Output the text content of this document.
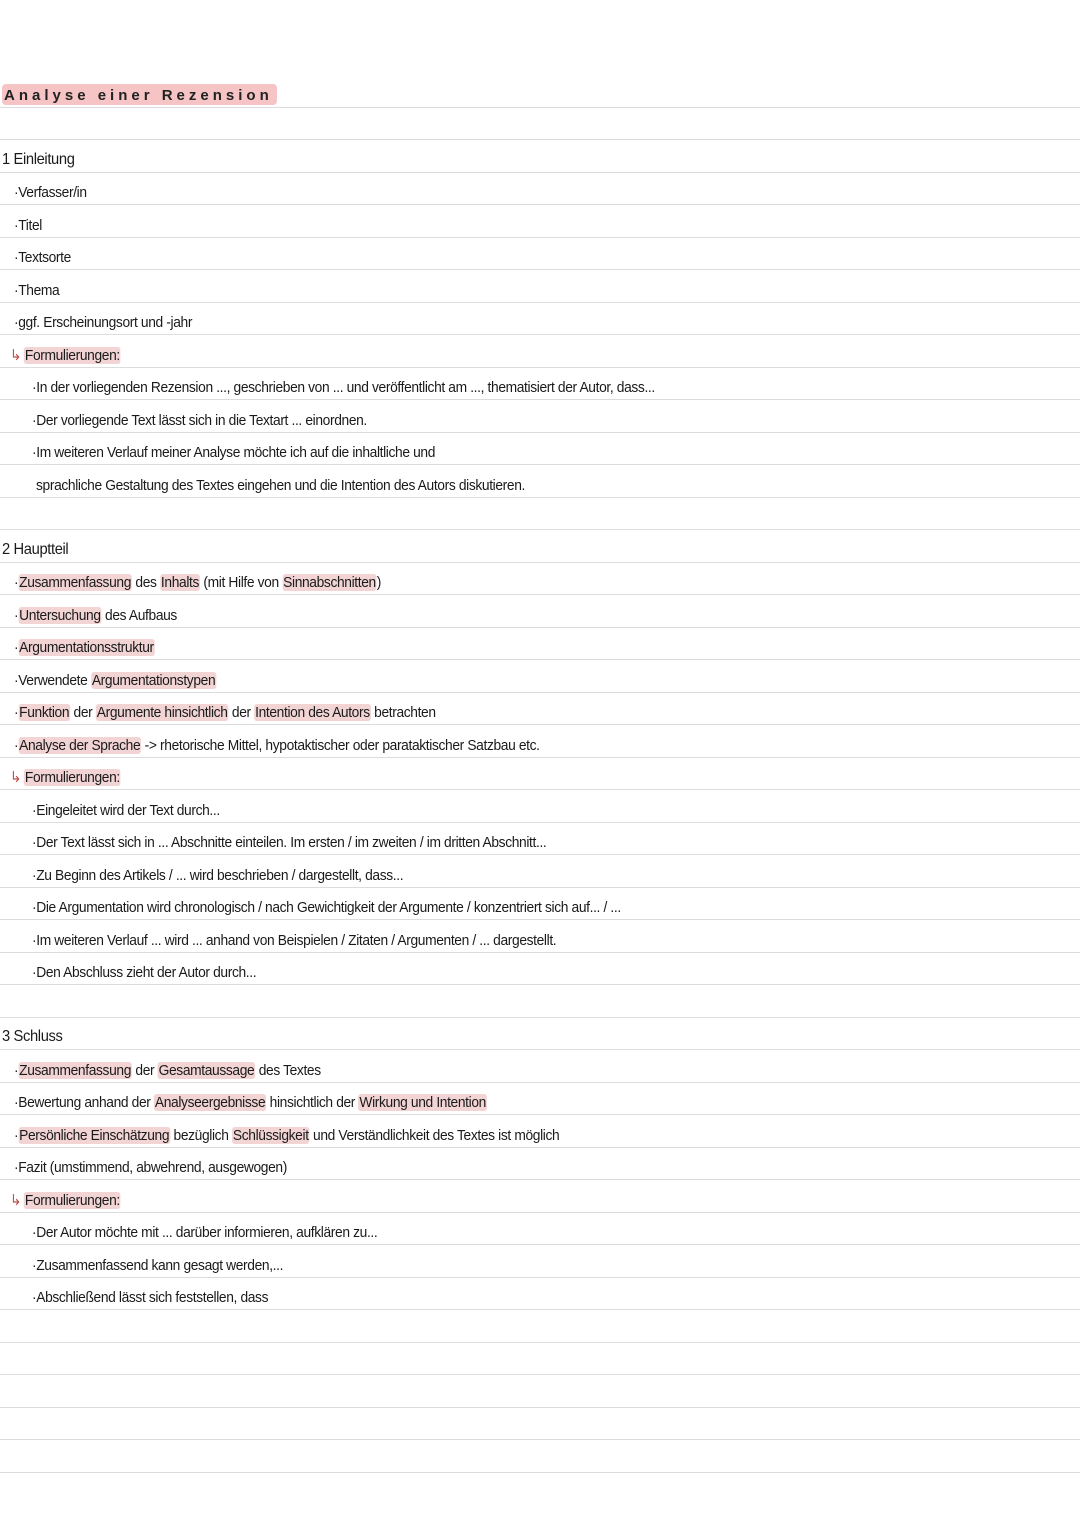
Analyse einer Rezension
1 Einleitung
·Verfasser/in
·Titel
·Textsorte
·Thema
·ggf. Erscheinungsort und -jahr
↳ Formulierungen:
·In der vorliegenden Rezension ..., geschrieben von ... und veröffentlicht am ..., thematisiert der Autor, dass...
·Der vorliegende Text lässt sich in die Textart ... einordnen.
·Im weiteren Verlauf meiner Analyse möchte ich auf die inhaltliche und
sprachliche Gestaltung des Textes eingehen und die Intention des Autors diskutieren.
2 Hauptteil
·Zusammenfassung des Inhalts (mit Hilfe von Sinnabschnitten)
·Untersuchung des Aufbaus
·Argumentationsstruktur
·Verwendete Argumentationstypen
·Funktion der Argumente hinsichtlich der Intention des Autors betrachten
·Analyse der Sprache -> rhetorische Mittel, hypotaktischer oder parataktischer Satzbau etc.
↳ Formulierungen:
·Eingeleitet wird der Text durch...
·Der Text lässt sich in ... Abschnitte einteilen. Im ersten / im zweiten / im dritten Abschnitt...
·Zu Beginn des Artikels / ... wird beschrieben / dargestellt, dass...
·Die Argumentation wird chronologisch / nach Gewichtigkeit der Argumente / konzentriert sich auf... / ...
·Im weiteren Verlauf ... wird ... anhand von Beispielen / Zitaten / Argumenten / ... dargestellt.
·Den Abschluss zieht der Autor durch...
3 Schluss
·Zusammenfassung der Gesamtaussage des Textes
·Bewertung anhand der Analyseergebnisse hinsichtlich der Wirkung und Intention
·Persönliche Einschätzung bezüglich Schlüssigkeit und Verständlichkeit des Textes ist möglich
·Fazit (umstimmend, abwehrend, ausgewogen)
↳ Formulierungen:
·Der Autor möchte mit ... darüber informieren, aufklären zu...
·Zusammenfassend kann gesagt werden,...
·Abschließend lässt sich feststellen, dass
